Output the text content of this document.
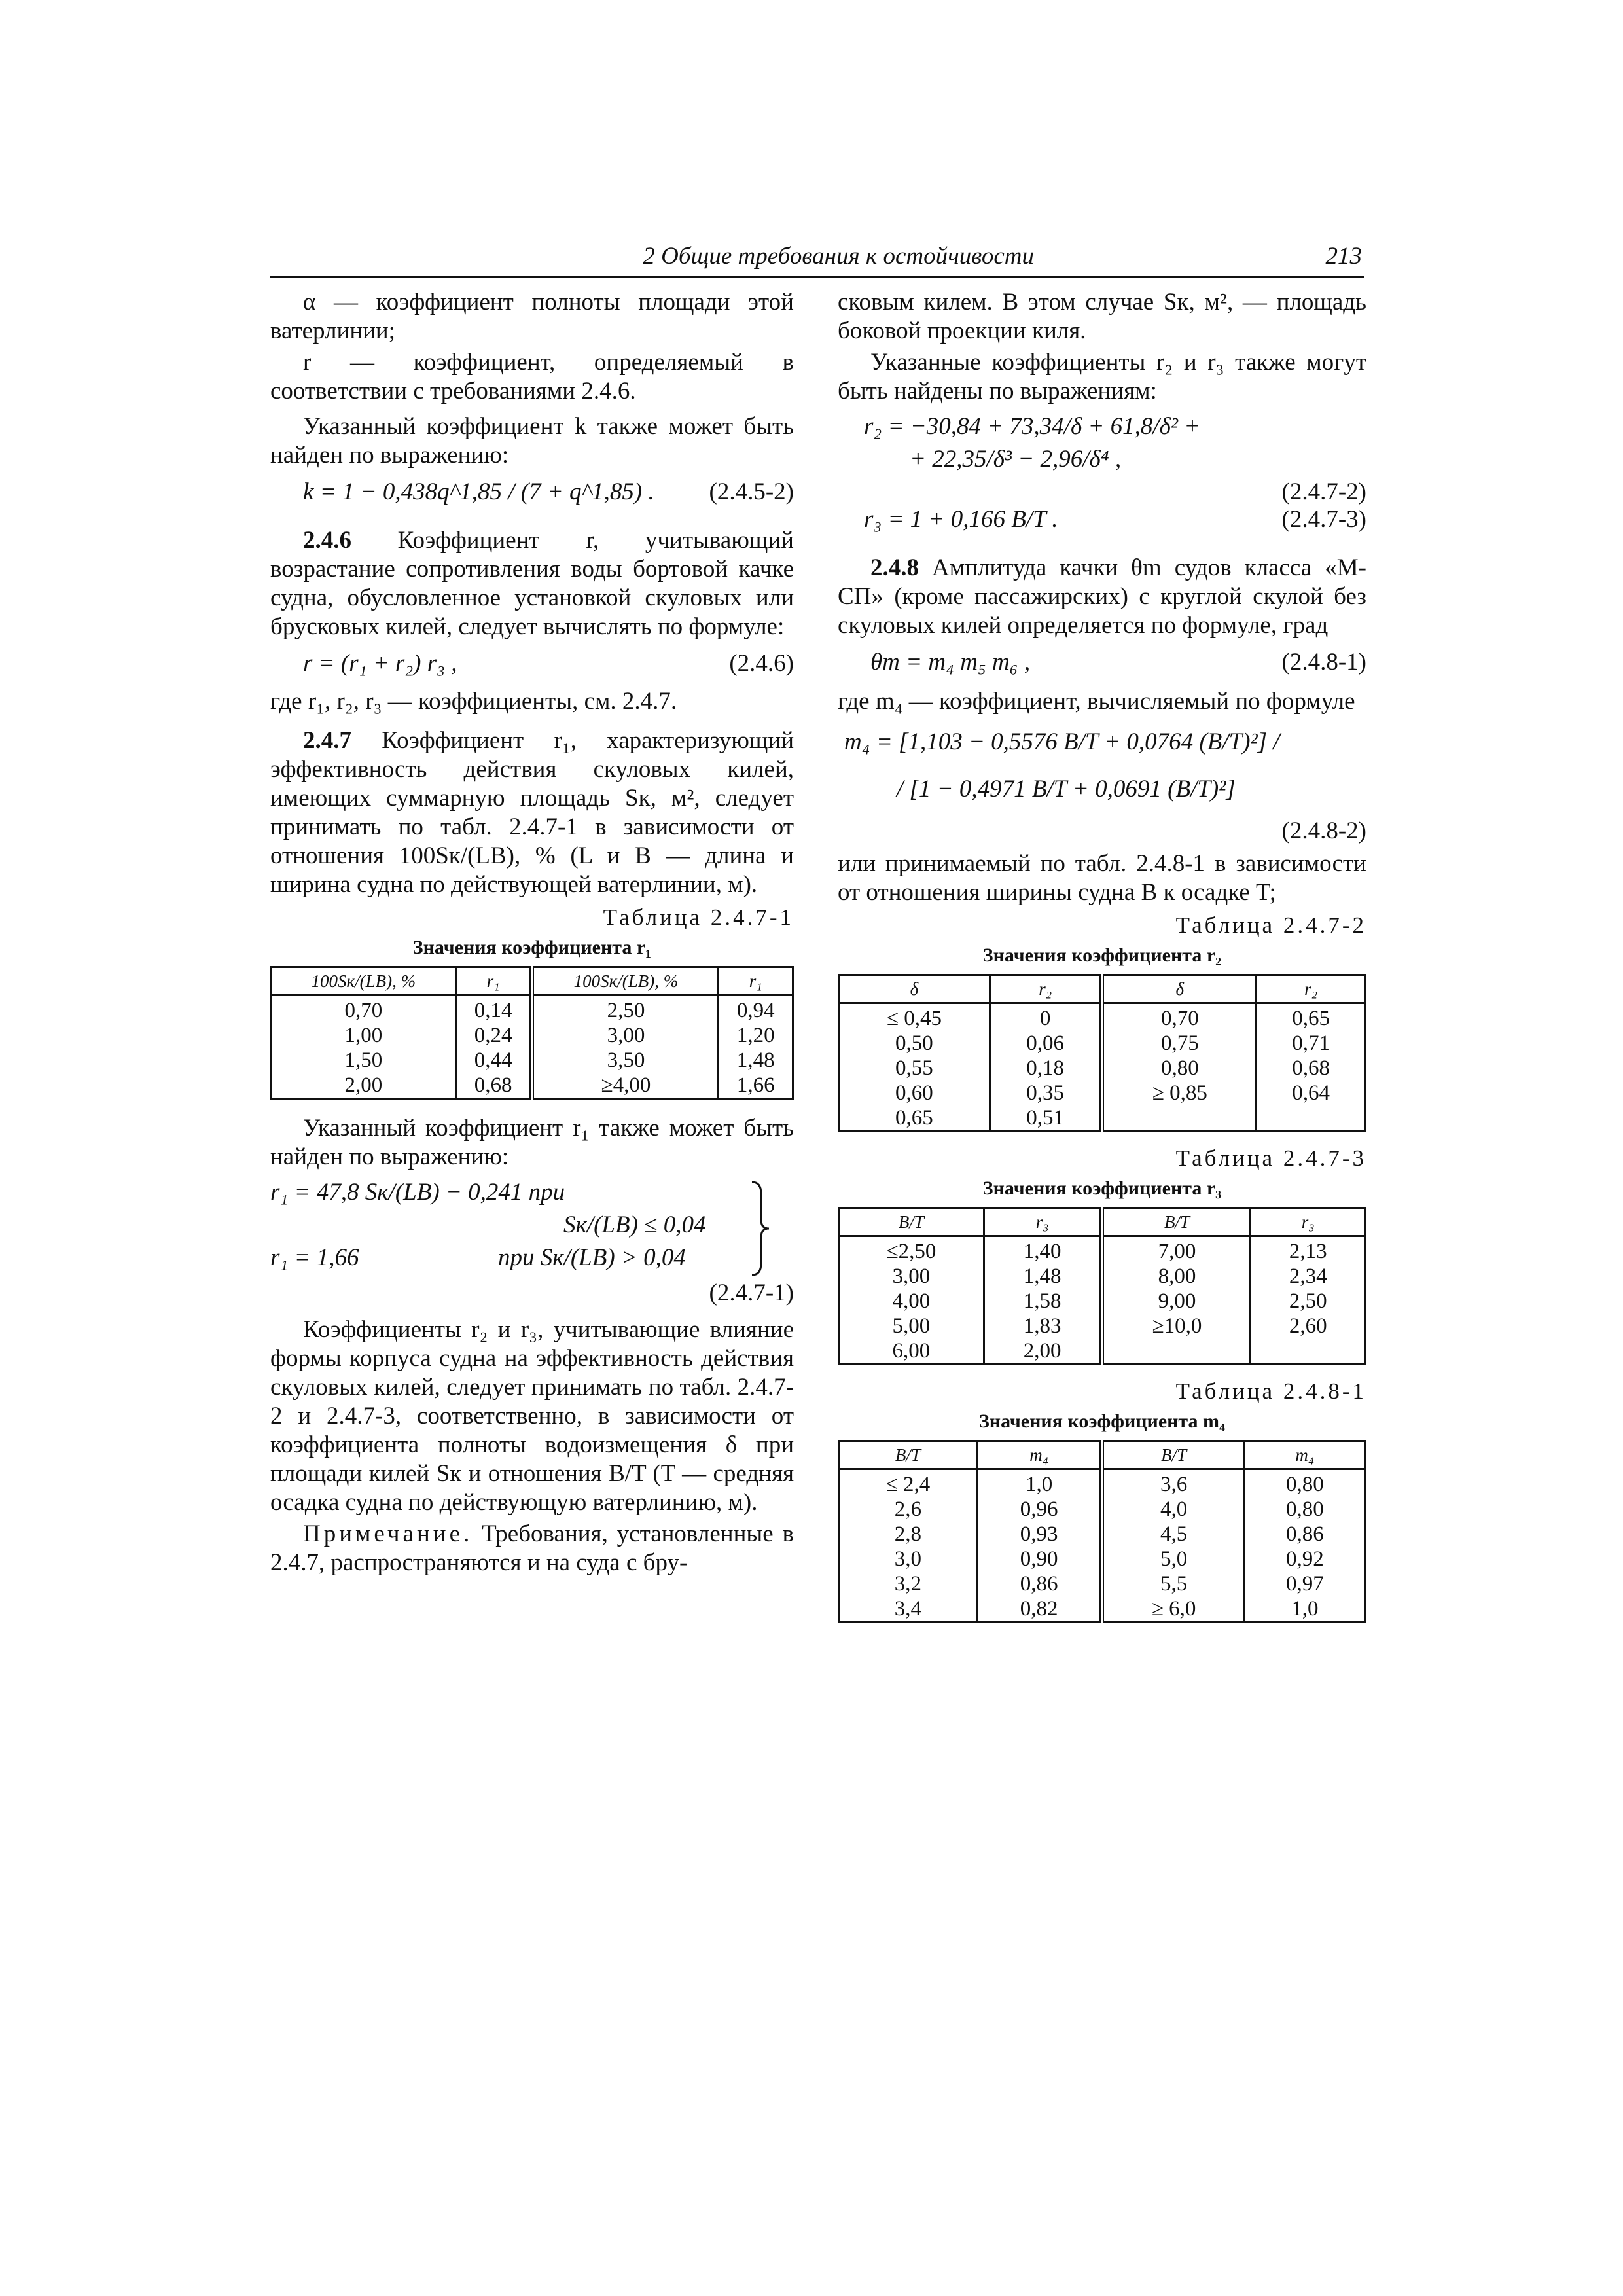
2 Общие требования к остойчивости	213

α — коэффициент полноты площади этой ватерлинии;

r — коэффициент, определяемый в соответствии с требованиями 2.4.6.

Указанный коэффициент k также может быть найден по выражению:

k = 1 − 0,438q^1,85 / (7 + q^1,85) . (2.4.5-2)

2.4.6 Коэффициент r, учитывающий возрастание сопротивления воды бортовой качке судна, обусловленное установкой скуловых или брусковых килей, следует вычислять по формуле:

r = (r₁ + r₂) r₃ ,	(2.4.6)

где r₁, r₂, r₃ — коэффициенты, см. 2.4.7.

2.4.7 Коэффициент r₁, характеризующий эффективность действия скуловых килей, имеющих суммарную площадь Sк, м², следует принимать по табл. 2.4.7-1 в зависимости от отношения 100Sк/(LB), % (L и B — длина и ширина судна по действующей ватерлинии, м).

Таблица 2.4.7-1
Значения коэффициента r₁
100Sк/(LB), %	r₁	100Sк/(LB), %	r₁
0,70	0,14	2,50	0,94
1,00	0,24	3,00	1,20
1,50	0,44	3,50	1,48
2,00	0,68	≥4,00	1,66

Указанный коэффициент r₁ также может быть найден по выражению:

r₁ = 47,8 Sк/(LB) − 0,241 при
Sк/(LB) ≤ 0,04
r₁ = 1,66	при Sк/(LB) > 0,04
(2.4.7-1)

Коэффициенты r₂ и r₃, учитывающие влияние формы корпуса судна на эффективность действия скуловых килей, следует принимать по табл. 2.4.7-2 и 2.4.7-3, соответственно, в зависимости от коэффициента полноты водоизмещения δ при площади килей Sк и отношения B/T (T — средняя осадка судна по действующую ватерлинию, м).

Примечание. Требования, установленные в 2.4.7, распространяются и на суда с бру-

сковым килем. В этом случае Sк, м², — площадь боковой проекции киля.

Указанные коэффициенты r₂ и r₃ также могут быть найдены по выражениям:

r₂ = −30,84 + 73,34/δ + 61,8/δ² +
+ 22,35/δ³ − 2,96/δ⁴ ,
(2.4.7-2)
r₃ = 1 + 0,166 B/T .	(2.4.7-3)

2.4.8 Амплитуда качки θm судов класса «М-СП» (кроме пассажирских) с круглой скулой без скуловых килей определяется по формуле, град

θm = m₄ m₅ m₆ ,	(2.4.8-1)

где m₄ — коэффициент, вычисляемый по формуле

m₄ = [1,103 − 0,5576 B/T + 0,0764 (B/T)²] /
/ [1 − 0,4971 B/T + 0,0691 (B/T)²]
(2.4.8-2)

или принимаемый по табл. 2.4.8-1 в зависимости от отношения ширины судна B к осадке T;

Таблица 2.4.7-2
Значения коэффициента r₂
δ	r₂	δ	r₂
≤ 0,45	0	0,70	0,65
0,50	0,06	0,75	0,71
0,55	0,18	0,80	0,68
0,60	0,35	≥ 0,85	0,64
0,65	0,51		
Таблица 2.4.7-3
Значения коэффициента r₃
B/T	r₃	B/T	r₃
≤2,50	1,40	7,00	2,13
3,00	1,48	8,00	2,34
4,00	1,58	9,00	2,50
5,00	1,83	≥10,0	2,60
6,00	2,00		
Таблица 2.4.8-1
Значения коэффициента m₄
B/T	m₄	B/T	m₄
≤ 2,4	1,0	3,6	0,80
2,6	0,96	4,0	0,80
2,8	0,93	4,5	0,86
3,0	0,90	5,0	0,92
3,2	0,86	5,5	0,97
3,4	0,82	≥ 6,0	1,0
